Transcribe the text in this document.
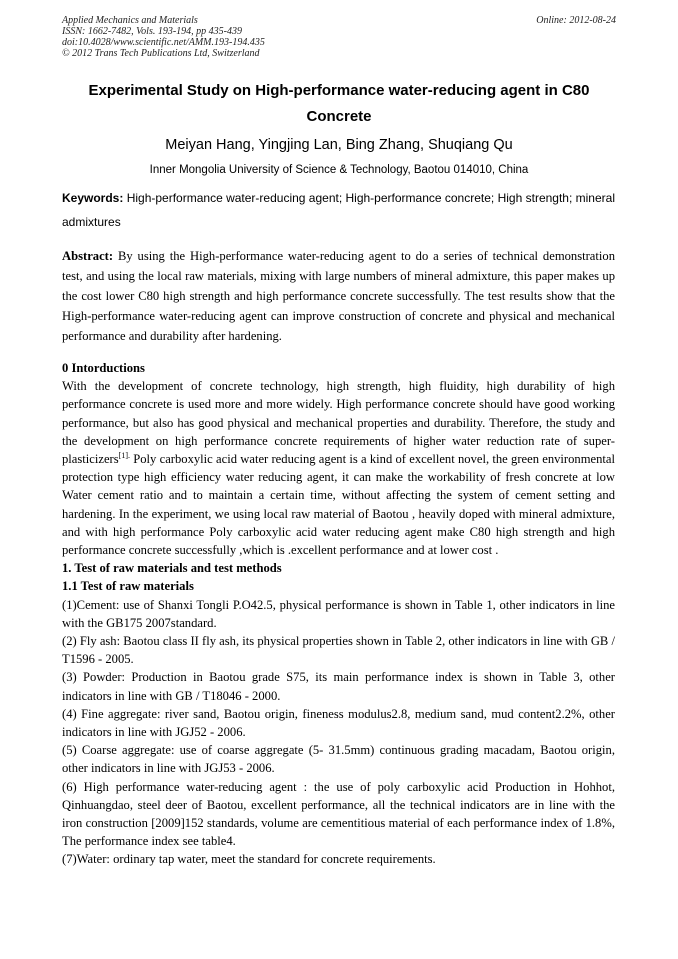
Applied Mechanics and Materials
ISSN: 1662-7482, Vols. 193-194, pp 435-439
doi:10.4028/www.scientific.net/AMM.193-194.435
© 2012 Trans Tech Publications Ltd, Switzerland
Online: 2012-08-24
Experimental Study on High-performance water-reducing agent in C80
Concrete
Meiyan Hang, Yingjing Lan, Bing Zhang, Shuqiang Qu
Inner Mongolia University of Science & Technology, Baotou 014010, China
Keywords: High-performance water-reducing agent; High-performance concrete; High strength; mineral admixtures
Abstract: By using the High-performance water-reducing agent to do a series of technical demonstration test, and using the local raw materials, mixing with large numbers of mineral admixture, this paper makes up the cost lower C80 high strength and high performance concrete successfully. The test results show that the High-performance water-reducing agent can improve construction of concrete and physical and mechanical performance and durability after hardening.

0 Intorductions

With the development of concrete technology, high strength, high fluidity, high durability of high performance concrete is used more and more widely. High performance concrete should have good working performance, but also has good physical and mechanical properties and durability. Therefore, the study and the development on high performance concrete requirements of higher water reduction rate of super-plasticizers$^{[1].}$ Poly carboxylic acid water reducing agent is a kind of excellent novel, the green environmental protection type high efficiency water reducing agent, it can make the workability of fresh concrete at low Water cement ratio and to maintain a certain time, without affecting the system of cement setting and hardening. In the experiment, we using local raw material of Baotou , heavily doped with mineral admixture, and with high performance Poly carboxylic acid water reducing agent make C80 high strength and high performance concrete successfully ,which is .excellent performance and at lower cost .

1. Test of raw materials and test methods

1.1 Test of raw materials

(1)Cement: use of Shanxi Tongli P.O42.5, physical performance is shown in Table 1, other indicators in line with the GB175 2007standard.

(2) Fly ash: Baotou class II fly ash, its physical properties shown in Table 2, other indicators in line with GB / T1596 - 2005.

(3) Powder: Production in Baotou grade S75, its main performance index is shown in Table 3, other indicators in line with GB / T18046 - 2000.

(4) Fine aggregate: river sand, Baotou origin, fineness modulus2.8, medium sand, mud content2.2%, other indicators in line with JGJ52 - 2006.

(5) Coarse aggregate: use of coarse aggregate (5- 31.5mm) continuous grading macadam, Baotou origin, other indicators in line with JGJ53 - 2006.

(6) High performance water-reducing agent : the use of poly carboxylic acid Production in Hohhot, Qinhuangdao, steel deer of Baotou, excellent performance, all the technical indicators are in line with the iron construction [2009]152 standards, volume are cementitious material of each performance index of 1.8%, The performance index see table4.

(7)Water: ordinary tap water, meet the standard for concrete requirements.
